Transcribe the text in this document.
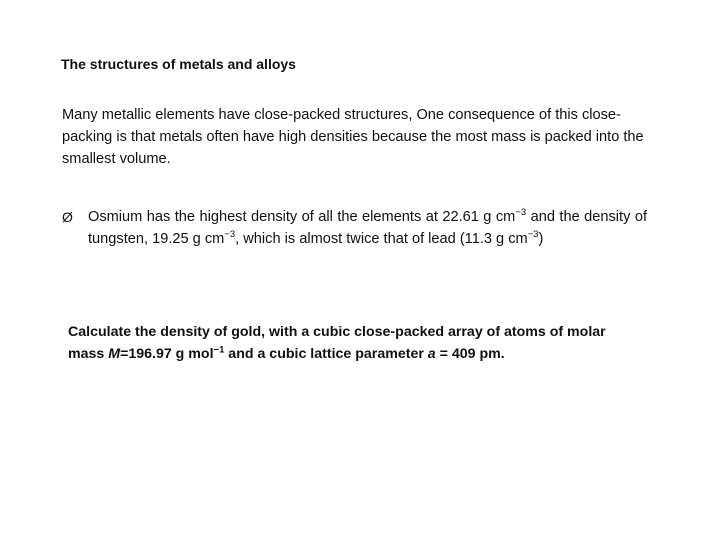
The structures of metals and alloys

Many metallic elements have close-packed structures, One consequence of this close-packing is that metals often have high densities because the most mass is packed into the smallest volume.

Ø	Osmium has the highest density of all the elements at 22.61 g $cm^{-3}$ and the density of tungsten, 19.25 g $cm^{-3}$, which is almost twice that of lead (11.3 g $cm^{-3}$)
Calculate the density of gold, with a cubic close-packed array of atoms of molar mass M=196.97 g mol$^{-1}$ and a cubic lattice parameter a = 409 pm.
